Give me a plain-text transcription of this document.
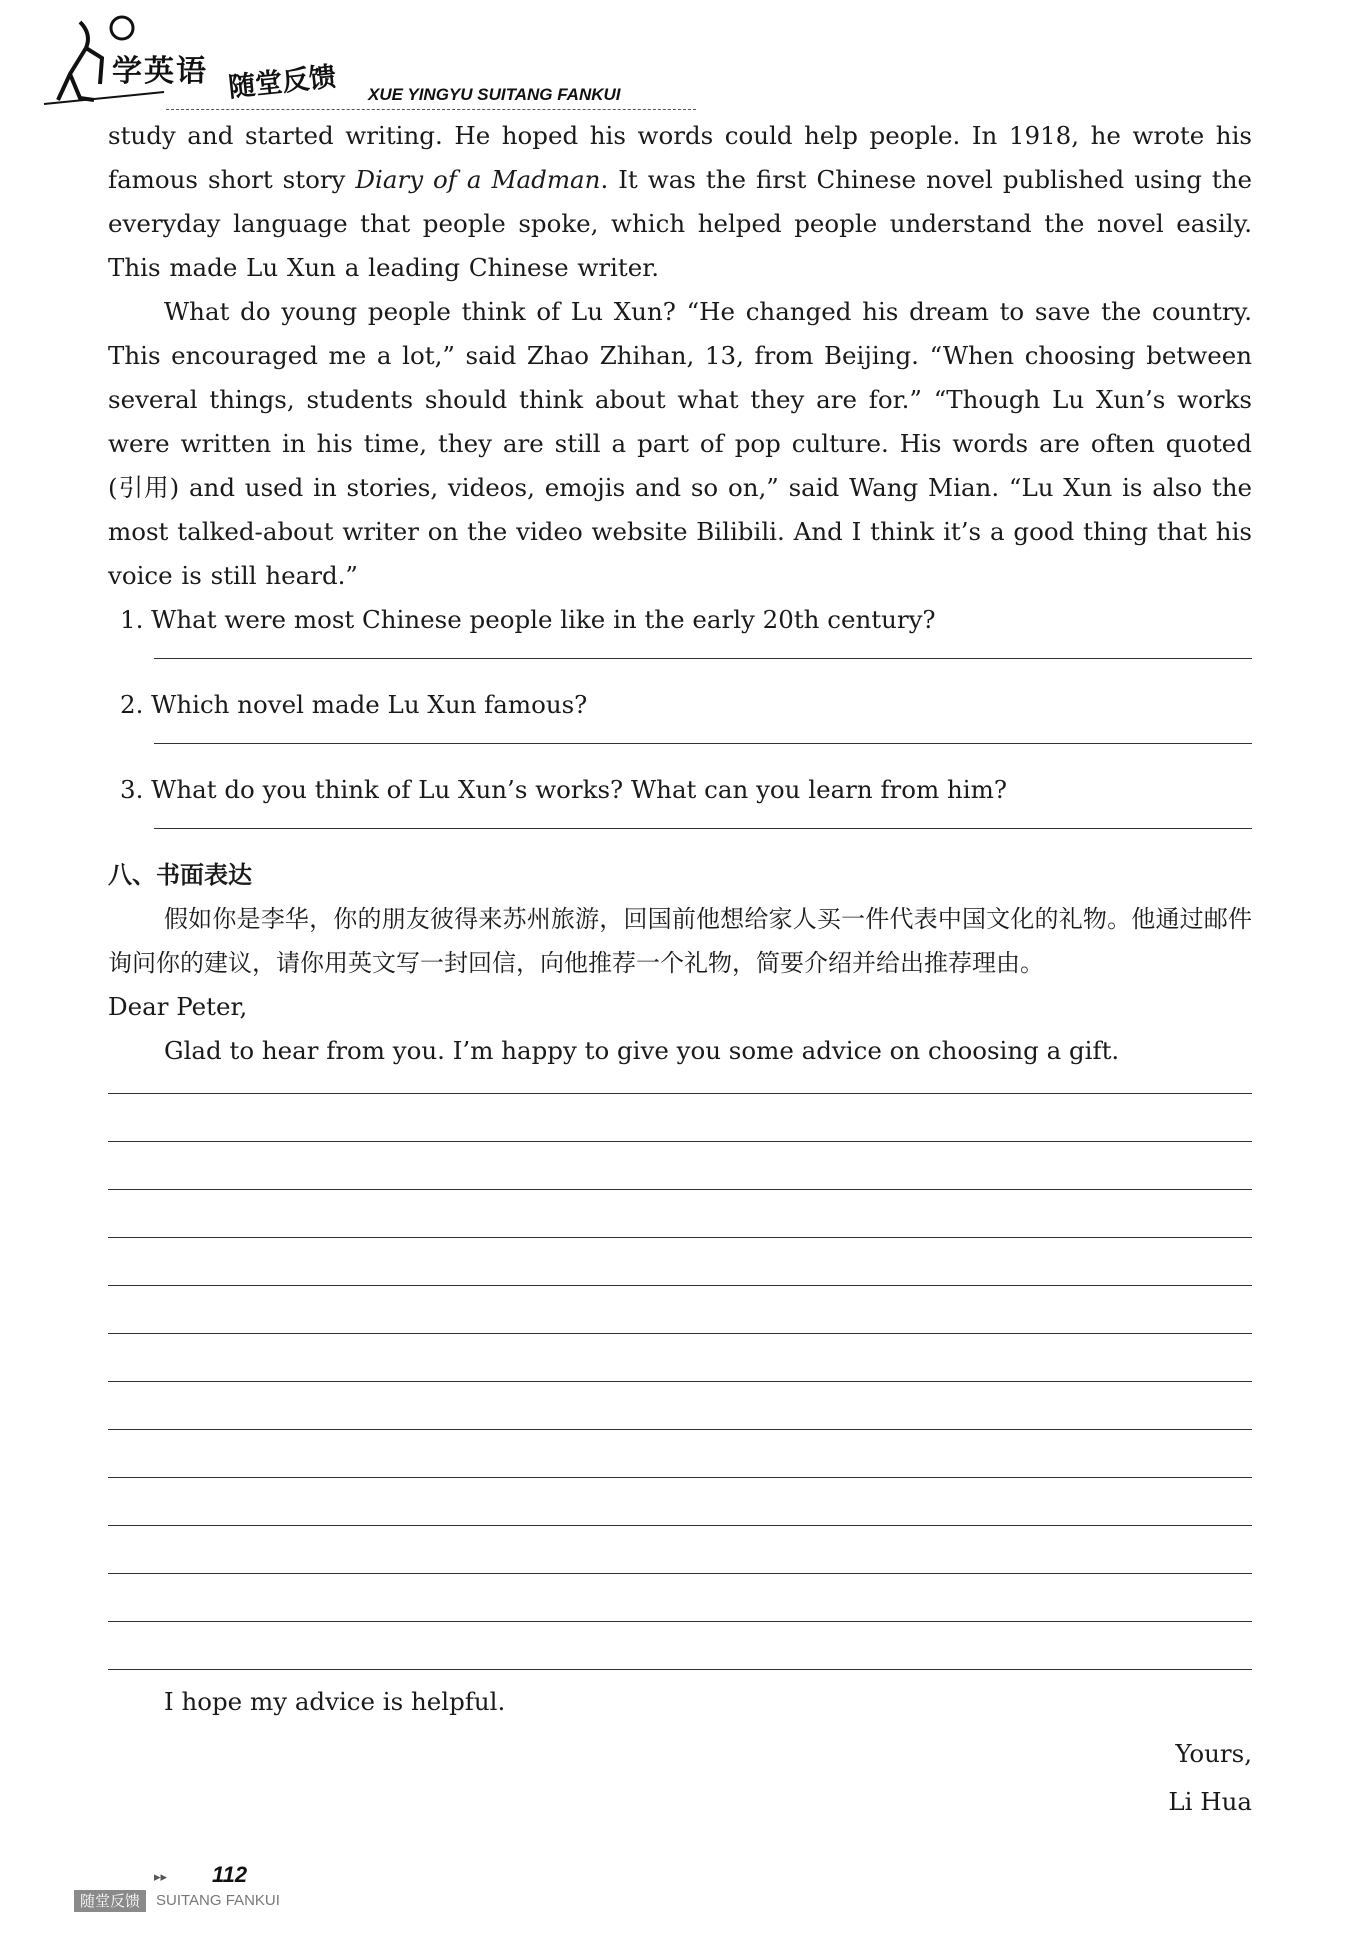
学英语 随堂反馈 XUE YINGYU SUITANG FANKUI

study and started writing. He hoped his words could help people. In 1918, he wrote his famous short story Diary of a Madman. It was the first Chinese novel published using the everyday language that people spoke, which helped people understand the novel easily. This made Lu Xun a leading Chinese writer.

What do young people think of Lu Xun? “He changed his dream to save the country. This encouraged me a lot,” said Zhao Zhihan, 13, from Beijing. “When choosing between several things, students should think about what they are for.” “Though Lu Xun’s works were written in his time, they are still a part of pop culture. His words are often quoted (引用) and used in stories, videos, emojis and so on,” said Wang Mian. “Lu Xun is also the most talked-about writer on the video website Bilibili. And I think it’s a good thing that his voice is still heard.”

1. What were most Chinese people like in the early 20th century?

2. Which novel made Lu Xun famous?

3. What do you think of Lu Xun’s works? What can you learn from him?

八、书面表达

假如你是李华，你的朋友彼得来苏州旅游，回国前他想给家人买一件代表中国文化的礼物。他通过邮件询问你的建议，请你用英文写一封回信，向他推荐一个礼物，简要介绍并给出推荐理由。

Dear Peter,

Glad to hear from you. I’m happy to give you some advice on choosing a gift.

I hope my advice is helpful.

Yours,

Li Hua

▸▸ 112
随堂反馈	SUITANG FANKUI
